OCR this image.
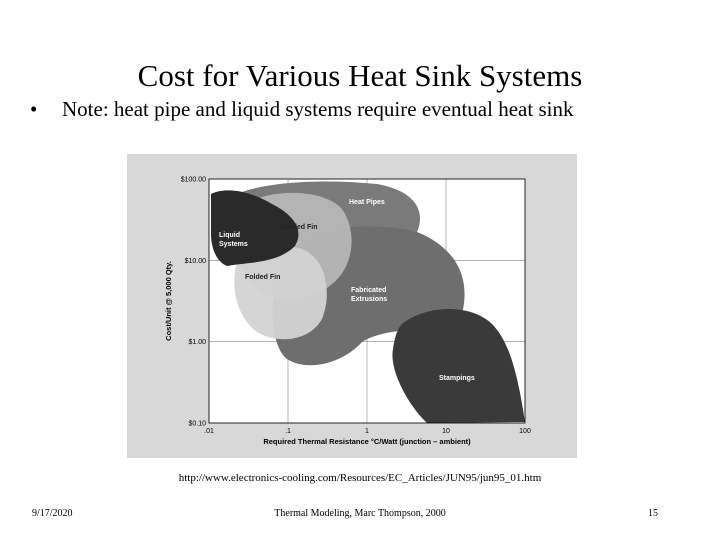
Cost for Various Heat Sink Systems
• Note: heat pipe and liquid systems require eventual heat sink
Heat Pipes
Bonded Fin
Liquid
Systems
Folded Fin
Fabricated
Extrusions
Stampings
$100.00
$10.00
$1.00
$0.10
.01	.1	1	10	100
Cost/Unit @ 5,000 Qty.
Required Thermal Resistance °C/Watt (junction – ambient)
http://www.electronics-cooling.com/Resources/EC_Articles/JUN95/jun95_01.htm
9/17/2020	Thermal Modeling, Marc Thompson, 2000	15
